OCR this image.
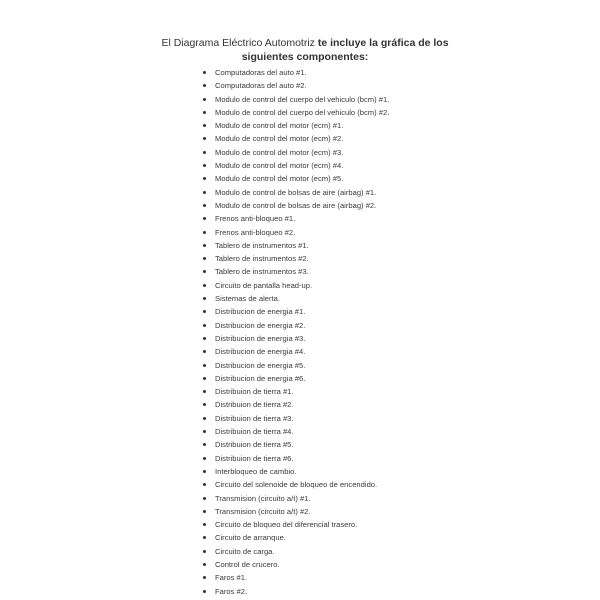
El Diagrama Eléctrico Automotriz te incluye la gráfica de los siguientes componentes:
Computadoras del auto #1.
Computadoras del auto #2.
Modulo de control del cuerpo del vehiculo (bcm) #1.
Modulo de control del cuerpo del vehiculo (bcm) #2.
Modulo de control del motor (ecm) #1.
Modulo de control del motor (ecm) #2.
Modulo de control del motor (ecm) #3.
Modulo de control del motor (ecm) #4.
Modulo de control del motor (ecm) #5.
Modulo de control de bolsas de aire (airbag) #1.
Modulo de control de bolsas de aire (airbag) #2.
Frenos anti-bloqueo #1.
Frenos anti-bloqueo #2.
Tablero de instrumentos #1.
Tablero de instrumentos #2.
Tablero de instrumentos #3.
Circuito de pantalla head-up.
Sistemas de alerta.
Distribucion de energia #1.
Distribucion de energia #2.
Distribucion de energia #3.
Distribucion de energia #4.
Distribucion de energia #5.
Distribucion de energia #6.
Distribuion de tierra #1.
Distribuion de tierra #2.
Distribuion de tierra #3.
Distribuion de tierra #4.
Distribuion de tierra #5.
Distribuion de tierra #6.
Interbloqueo de cambio.
Circuito del solenoide de bloqueo de encendido.
Transmision (circuito a/t) #1.
Transmision (circuito a/t) #2.
Circuito de bloqueo del diferencial trasero.
Circuito de arranque.
Circuito de carga.
Control de crucero.
Faros #1.
Faros #2.
